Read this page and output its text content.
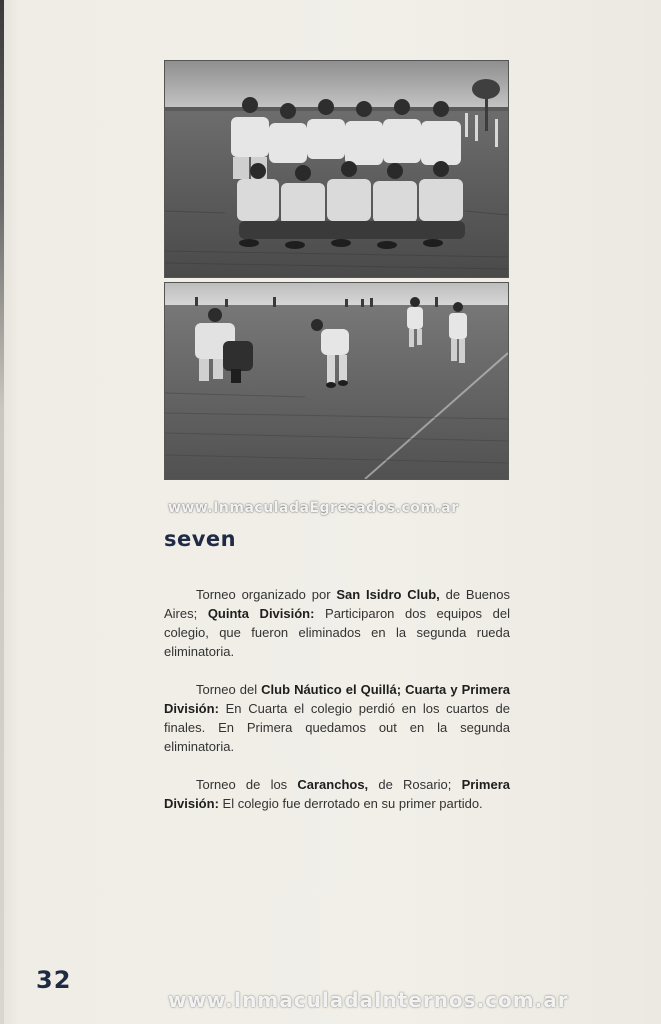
www.InmaculadaEgresados.com.ar
seven

Torneo organizado por San Isidro Club, de Buenos Aires; Quinta División: Participaron dos equipos del colegio, que fueron eliminados en la segunda rueda eliminatoria.

Torneo del Club Náutico el Quillá; Cuarta y Primera División: En Cuarta el colegio perdió en los cuartos de finales. En Primera quedamos out en la segunda eliminatoria.

Torneo de los Caranchos, de Rosario; Primera División: El colegio fue derrotado en su primer partido.

32
www.InmaculadaInternos.com.ar
